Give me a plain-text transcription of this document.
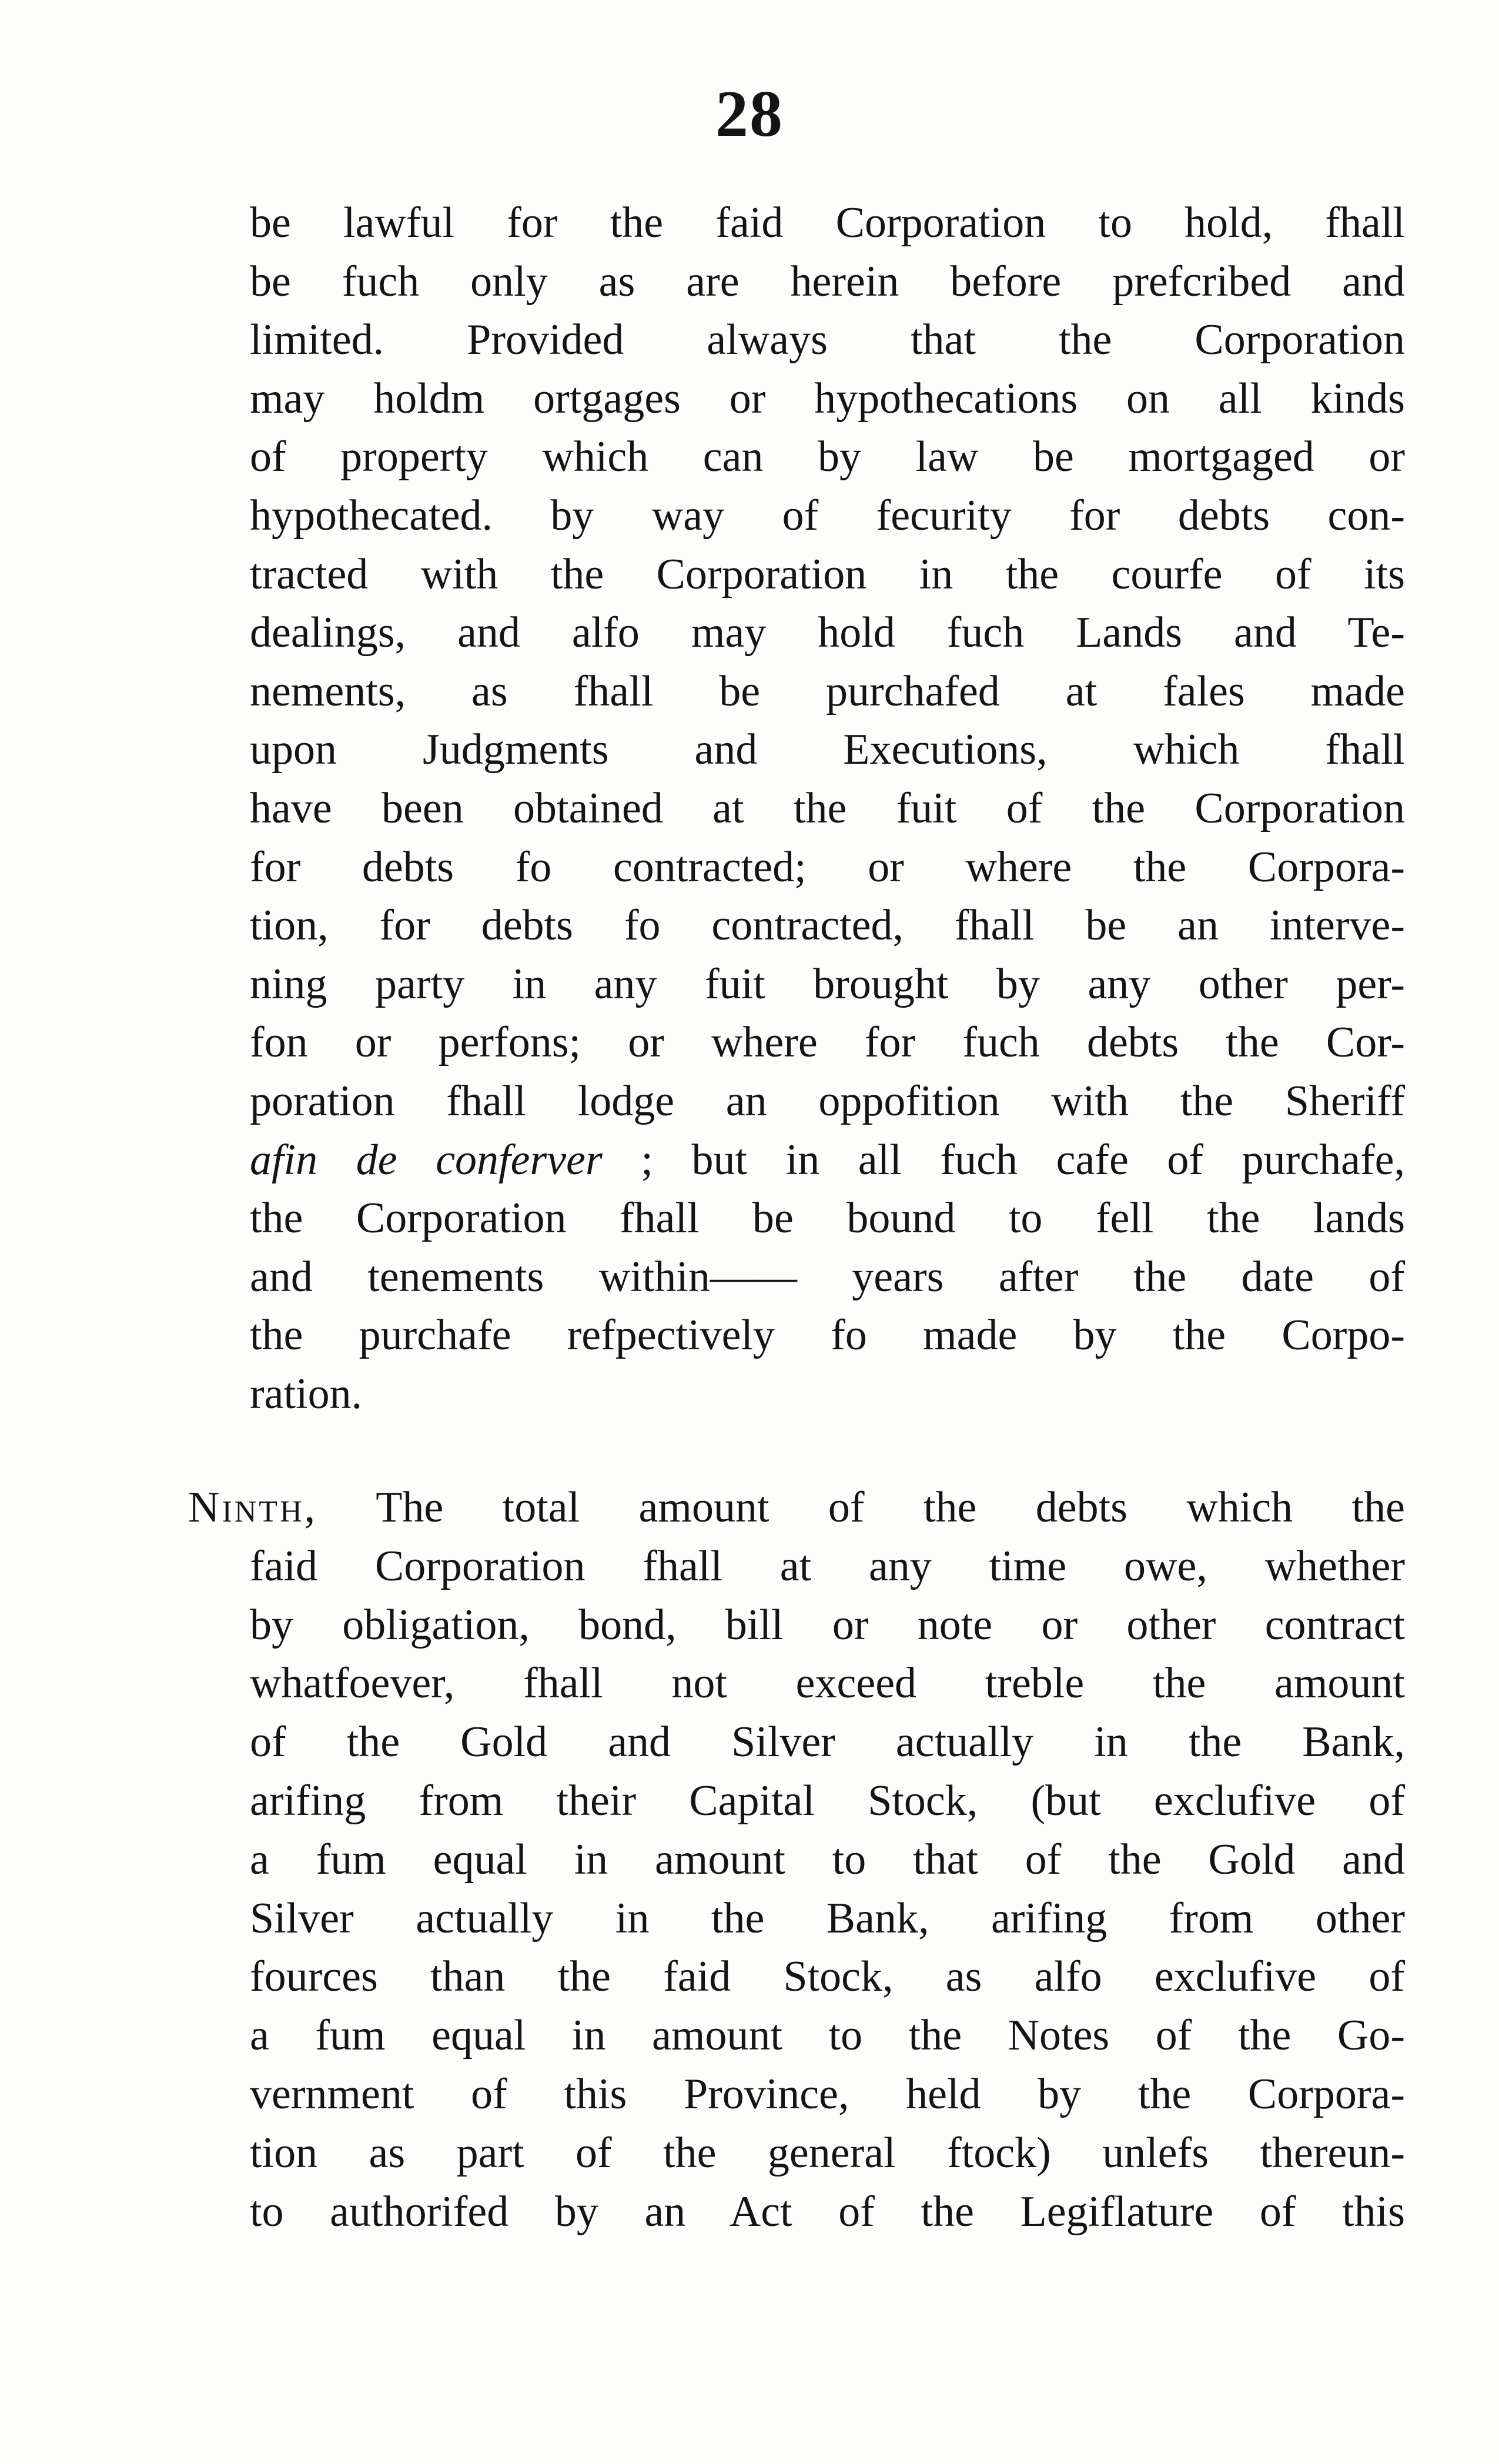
28
be lawful for the faid Corporation to hold, fhall
be fuch only as are herein before prefcribed and
limited. Provided always that the Corporation
may holdm ortgages or hypothecations on all kinds
of property which can by law be mortgaged or
hypothecated. by way of fecurity for debts con-
tracted with the Corporation in the courfe of its
dealings, and alfo may hold fuch Lands and Te-
nements, as fhall be purchafed at fales made
upon Judgments and Executions, which fhall
have been obtained at the fuit of the Corporation
for debts fo contracted; or where the Corpora-
tion, for debts fo contracted, fhall be an interve-
ning party in any fuit brought by any other per-
fon or perfons; or where for fuch debts the Cor-
poration fhall lodge an oppofition with the Sheriff
afin de conferver ; but in all fuch cafe of purchafe,
the Corporation fhall be bound to fell the lands
and tenements within—— years after the date of
the purchafe refpectively fo made by the Corpo-
ration.
Ninth, The total amount of the debts which the
faid Corporation fhall at any time owe, whether
by obligation, bond, bill or note or other contract
whatfoever, fhall not exceed treble the amount
of the Gold and Silver actually in the Bank,
arifing from their Capital Stock, (but exclufive of
a fum equal in amount to that of the Gold and
Silver actually in the Bank, arifing from other
fources than the faid Stock, as alfo exclufive of
a fum equal in amount to the Notes of the Go-
vernment of this Province, held by the Corpora-
tion as part of the general ftock) unlefs thereun-
to authorifed by an Act of the Legiflature of this
